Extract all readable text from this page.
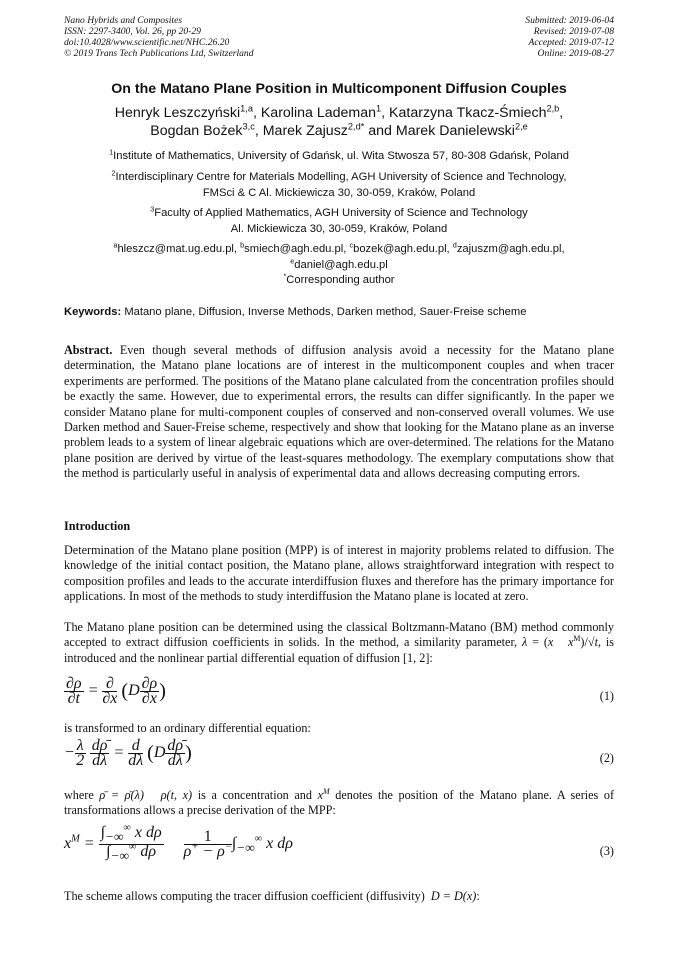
Nano Hybrids and Composites
ISSN: 2297-3400, Vol. 26, pp 20-29
doi:10.4028/www.scientific.net/NHC.26.20
© 2019 Trans Tech Publications Ltd, Switzerland
Submitted: 2019-06-04
Revised: 2019-07-08
Accepted: 2019-07-12
Online: 2019-08-27
On the Matano Plane Position in Multicomponent Diffusion Couples
Henryk Leszczyński$^{1,a}$, Karolina Lademan$^1$, Katarzyna Tkacz-Śmiech$^{2,b}$,
Bogdan Bożek$^{3,c}$, Marek Zajusz$^{2,d*}$ and Marek Danielewski$^{2,e}$
$^1$Institute of Mathematics, University of Gdańsk, ul. Wita Stwosza 57, 80-308 Gdańsk, Poland
$^2$Interdisciplinary Centre for Materials Modelling, AGH University of Science and Technology,
FMSci & C Al. Mickiewicza 30, 30-059, Kraków, Poland
$^3$Faculty of Applied Mathematics, AGH University of Science and Technology
Al. Mickiewicza 30, 30-059, Kraków, Poland
$^a$hleszcz@mat.ug.edu.pl, $^b$smiech@agh.edu.pl, $^c$bozek@agh.edu.pl, $^d$zajuszm@agh.edu.pl,
$^e$daniel@agh.edu.pl
*Corresponding author
Keywords: Matano plane, Diffusion, Inverse Methods, Darken method, Sauer-Freise scheme
Abstract. Even though several methods of diffusion analysis avoid a necessity for the Matano plane determination, the Matano plane locations are of interest in the multicomponent couples and when tracer experiments are performed. The positions of the Matano plane calculated from the concentration profiles should be exactly the same. However, due to experimental errors, the results can differ significantly. In the paper we consider Matano plane for multi-component couples of conserved and non-conserved overall volumes. We use Darken method and Sauer-Freise scheme, respectively and show that looking for the Matano plane as an inverse problem leads to a system of linear algebraic equations which are over-determined. The relations for the Matano plane position are derived by virtue of the least-squares methodology. The exemplary computations show that the method is particularly useful in analysis of experimental data and allows decreasing computing errors.
Introduction
Determination of the Matano plane position (MPP) is of interest in majority problems related to diffusion. The knowledge of the initial contact position, the Matano plane, allows straightforward integration with respect to composition profiles and leads to the accurate interdiffusion fluxes and therefore has the primary importance for applications. In most of the methods to study interdiffusion the Matano plane is located at zero.
The Matano plane position can be determined using the classical Boltzmann-Matano (BM) method commonly accepted to extract diffusion coefficients in solids. In the method, a similarity parameter, λ = (x $x^M)/√t$, is introduced and the nonlinear partial differential equation of diffusion [1, 2]:
$\frac{\partial\rho}{\partial t} = \frac{\partial}{\partial x} (D \frac{\partial\rho}{\partial x}$ )	(1)
is transformed to an ordinary differential equation:
− $\frac{\lambda}{2}$
$\frac{d\rhō}{d\lambda} = \frac{d}{d\lambda} (D \frac{d\rhō}{d\lambda}$ )	(2)
where ρ̄ = ρ̄(λ)   ρ(t, x) is a concentration and $x^M$ denotes the position of the Matano plane. A series of transformations allows a precise derivation of the MPP:
$x^M = \frac{\int_{-\infty}^\infty x d\rho}{\int_{-\infty}^\infty d\rho}$
$\frac{1}{\rho^+ - \rho^-} \int_{-\infty}^\infty$ x dρ	(3)
The scheme allows computing the tracer diffusion coefficient (diffusivity) D = D(x):
